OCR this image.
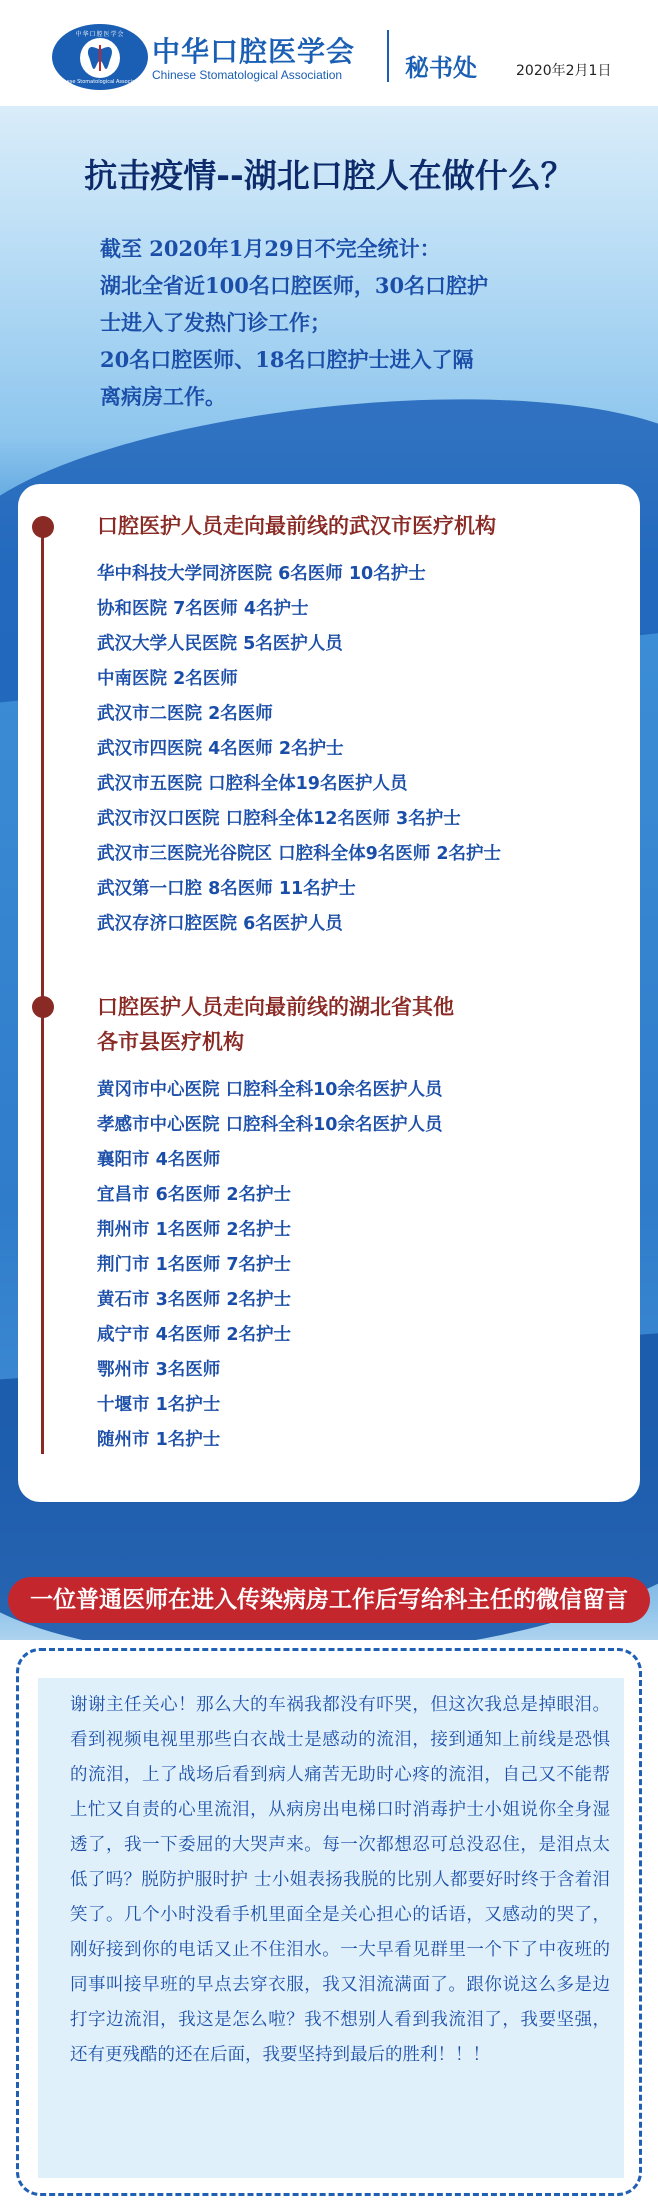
中华口腔医学会
Chinese Stomatological Association
中华口腔医学会
Chinese Stomatological Association	秘书处	2020年2月1日
抗击疫情--湖北口腔人在做什么？

截至 2020年1月29日不完全统计：

湖北全省近100名口腔医师，30名口腔护

士进入了发热门诊工作；

20名口腔医师、18名口腔护士进入了隔

离病房工作。

口腔医护人员走向最前线的武汉市医疗机构
华中科技大学同济医院 6名医师 10名护士
协和医院 7名医师 4名护士
武汉大学人民医院 5名医护人员
中南医院 2名医师
武汉市二医院 2名医师
武汉市四医院 4名医师 2名护士
武汉市五医院 口腔科全体19名医护人员
武汉市汉口医院 口腔科全体12名医师 3名护士
武汉市三医院光谷院区 口腔科全体9名医师 2名护士
武汉第一口腔 8名医师 11名护士
武汉存济口腔医院 6名医护人员
口腔医护人员走向最前线的湖北省其他
各市县医疗机构
黄冈市中心医院 口腔科全科10余名医护人员
孝感市中心医院 口腔科全科10余名医护人员
襄阳市 4名医师
宜昌市 6名医师 2名护士
荆州市 1名医师 2名护士
荆门市 1名医师 7名护士
黄石市 3名医师 2名护士
咸宁市 4名医师 2名护士
鄂州市 3名医师
十堰市 1名护士
随州市 1名护士
一位普通医师在进入传染病房工作后写给科主任的微信留言
谢谢主任关心！那么大的车祸我都没有吓哭，但这次我总是掉眼泪。看到视频电视里那些白衣战士是感动的流泪，接到通知上前线是恐惧的流泪，上了战场后看到病人痛苦无助时心疼的流泪，自己又不能帮上忙又自责的心里流泪，从病房出电梯口时消毒护士小姐说你全身湿透了，我一下委屈的大哭声来。每一次都想忍可总没忍住，是泪点太低了吗？脱防护服时护 士小姐表扬我脱的比别人都要好时终于含着泪笑了。几个小时没看手机里面全是关心担心的话语，又感动的哭了，刚好接到你的电话又止不住泪水。一大早看见群里一个下了中夜班的同事叫接早班的早点去穿衣服，我又泪流满面了。跟你说这么多是边打字边流泪，我这是怎么啦？我不想别人看到我流泪了，我要坚强，还有更残酷的还在后面，我要坚持到最后的胜利！！！
